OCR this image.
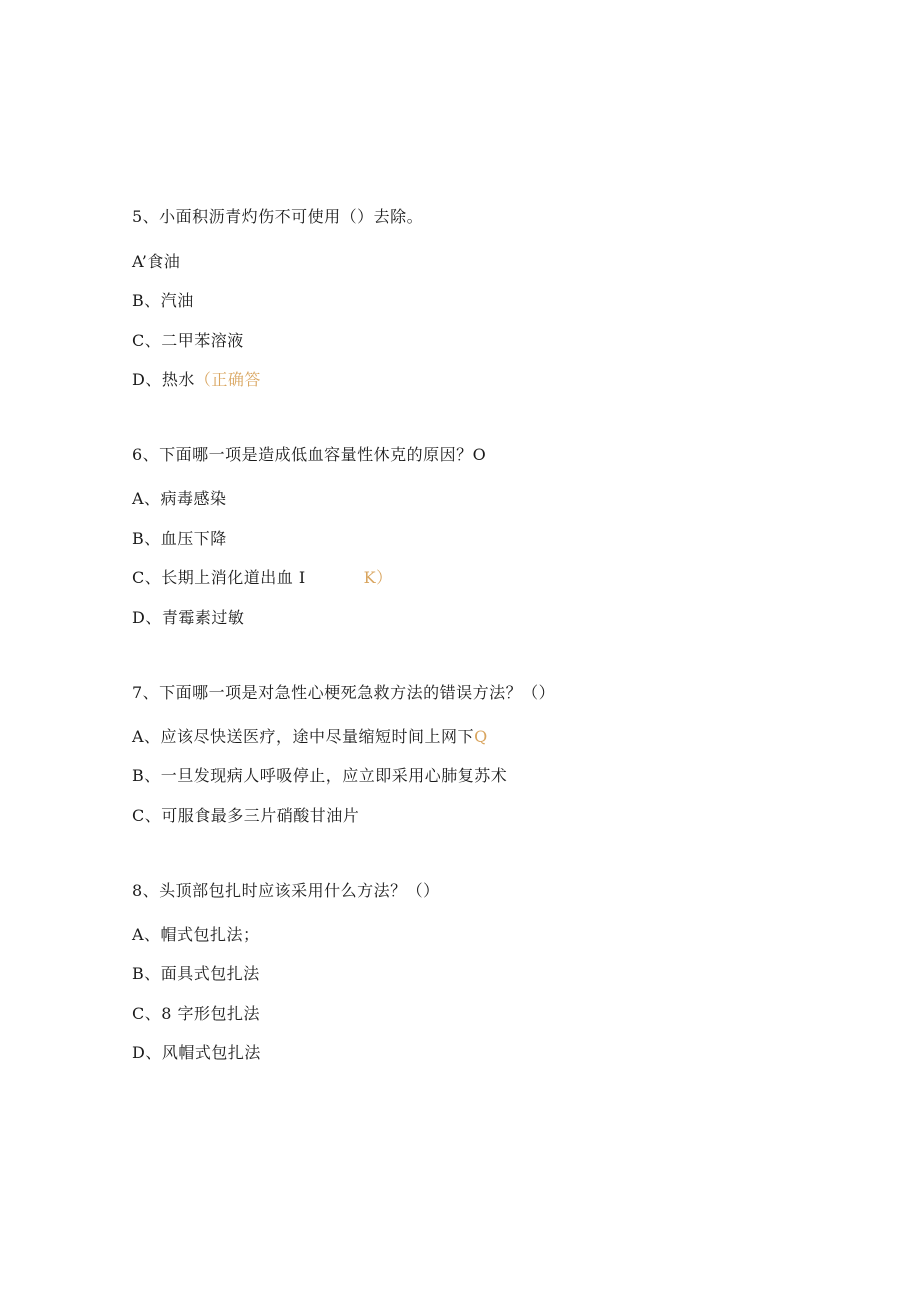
5、小面积沥青灼伤不可使用（）去除。
A’食油
B、汽油
C、二甲苯溶液
D、热水（正确答
6、下面哪一项是造成低血容量性休克的原因？O
A、病毒感染
B、血压下降
C、长期上消化道出血 I	K）
D、青霉素过敏
7、下面哪一项是对急性心梗死急救方法的错误方法？（）
A、应该尽快送医疗，途中尽量缩短时间上网下Q
B、一旦发现病人呼吸停止，应立即采用心肺复苏术
C、可服食最多三片硝酸甘油片
8、头顶部包扎时应该采用什么方法？（）
A、帽式包扎法；
B、面具式包扎法
C、8 字形包扎法
D、风帽式包扎法
